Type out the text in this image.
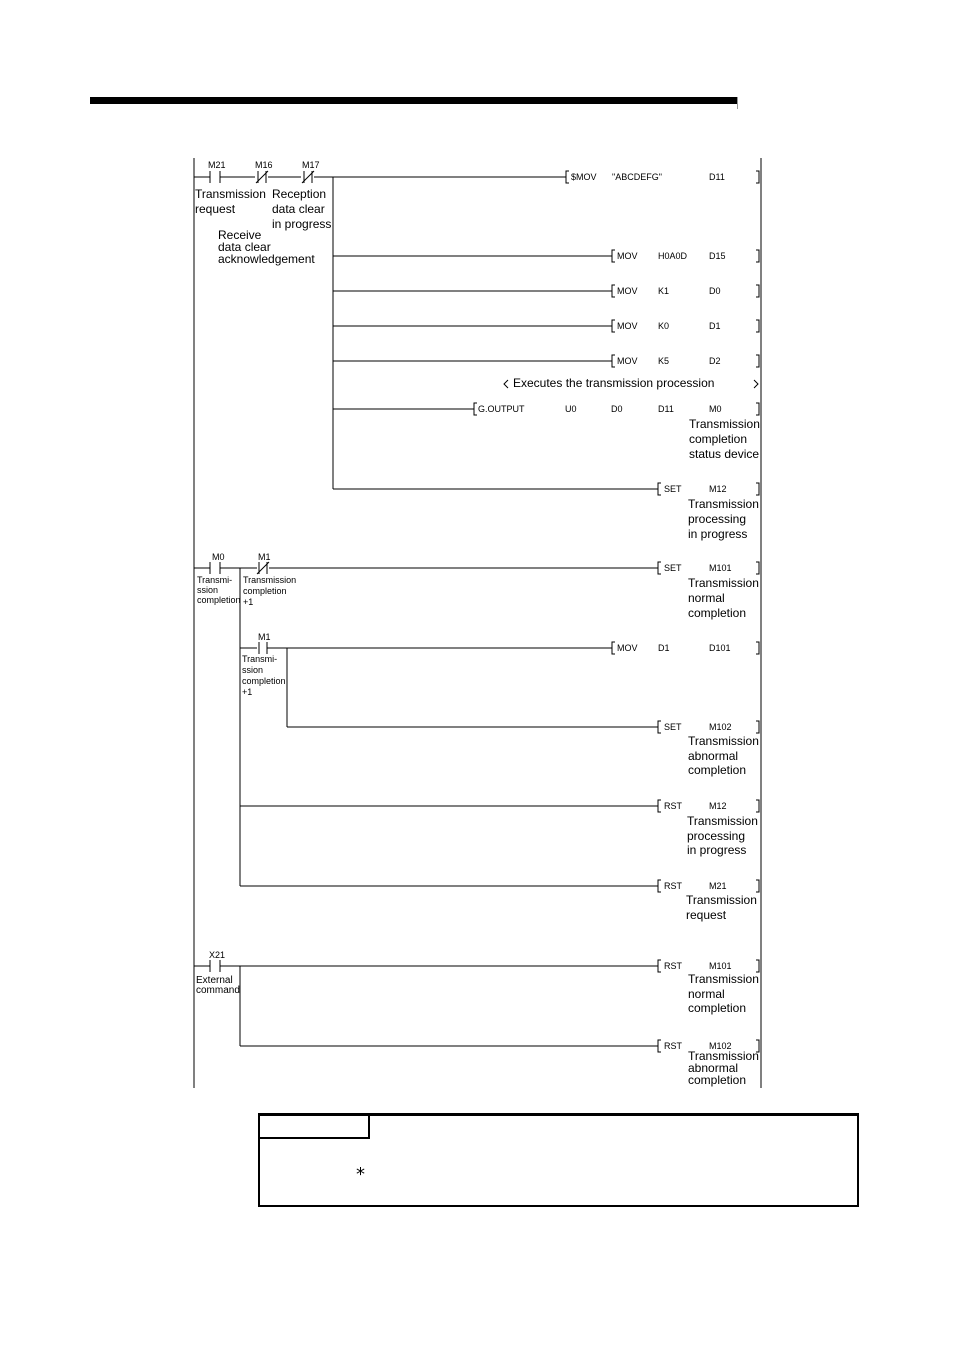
M21	M16	M17
Transmission
request
Reception
data clear
in progress
Receive
data clear
acknowledgement
$MOV "ABCDEFG"	D11
MOV H0A0D D15
MOV K1	D0
MOV K0	D1
MOV K5	D2
Executes the transmission procession
G.OUTPUT	U0	D0	D11	M0
Transmission
completion
status device
SET	M12
Transmission
processing
in progress
M0
Transmi-
ssion
completion
M1
Transmission
completion
+1
M1
Transmi-
ssion
completion
+1
SET	M101
Transmission
normal
completion
MOV D1	D101
SET	M102
Transmission
abnormal
completion
RST	M12
Transmission
processing
in progress
RST	M21
Transmission
request
X21
External
command
RST	M101
Transmission
normal
completion
RST	M102
Transmission
abnormal
completion
*
